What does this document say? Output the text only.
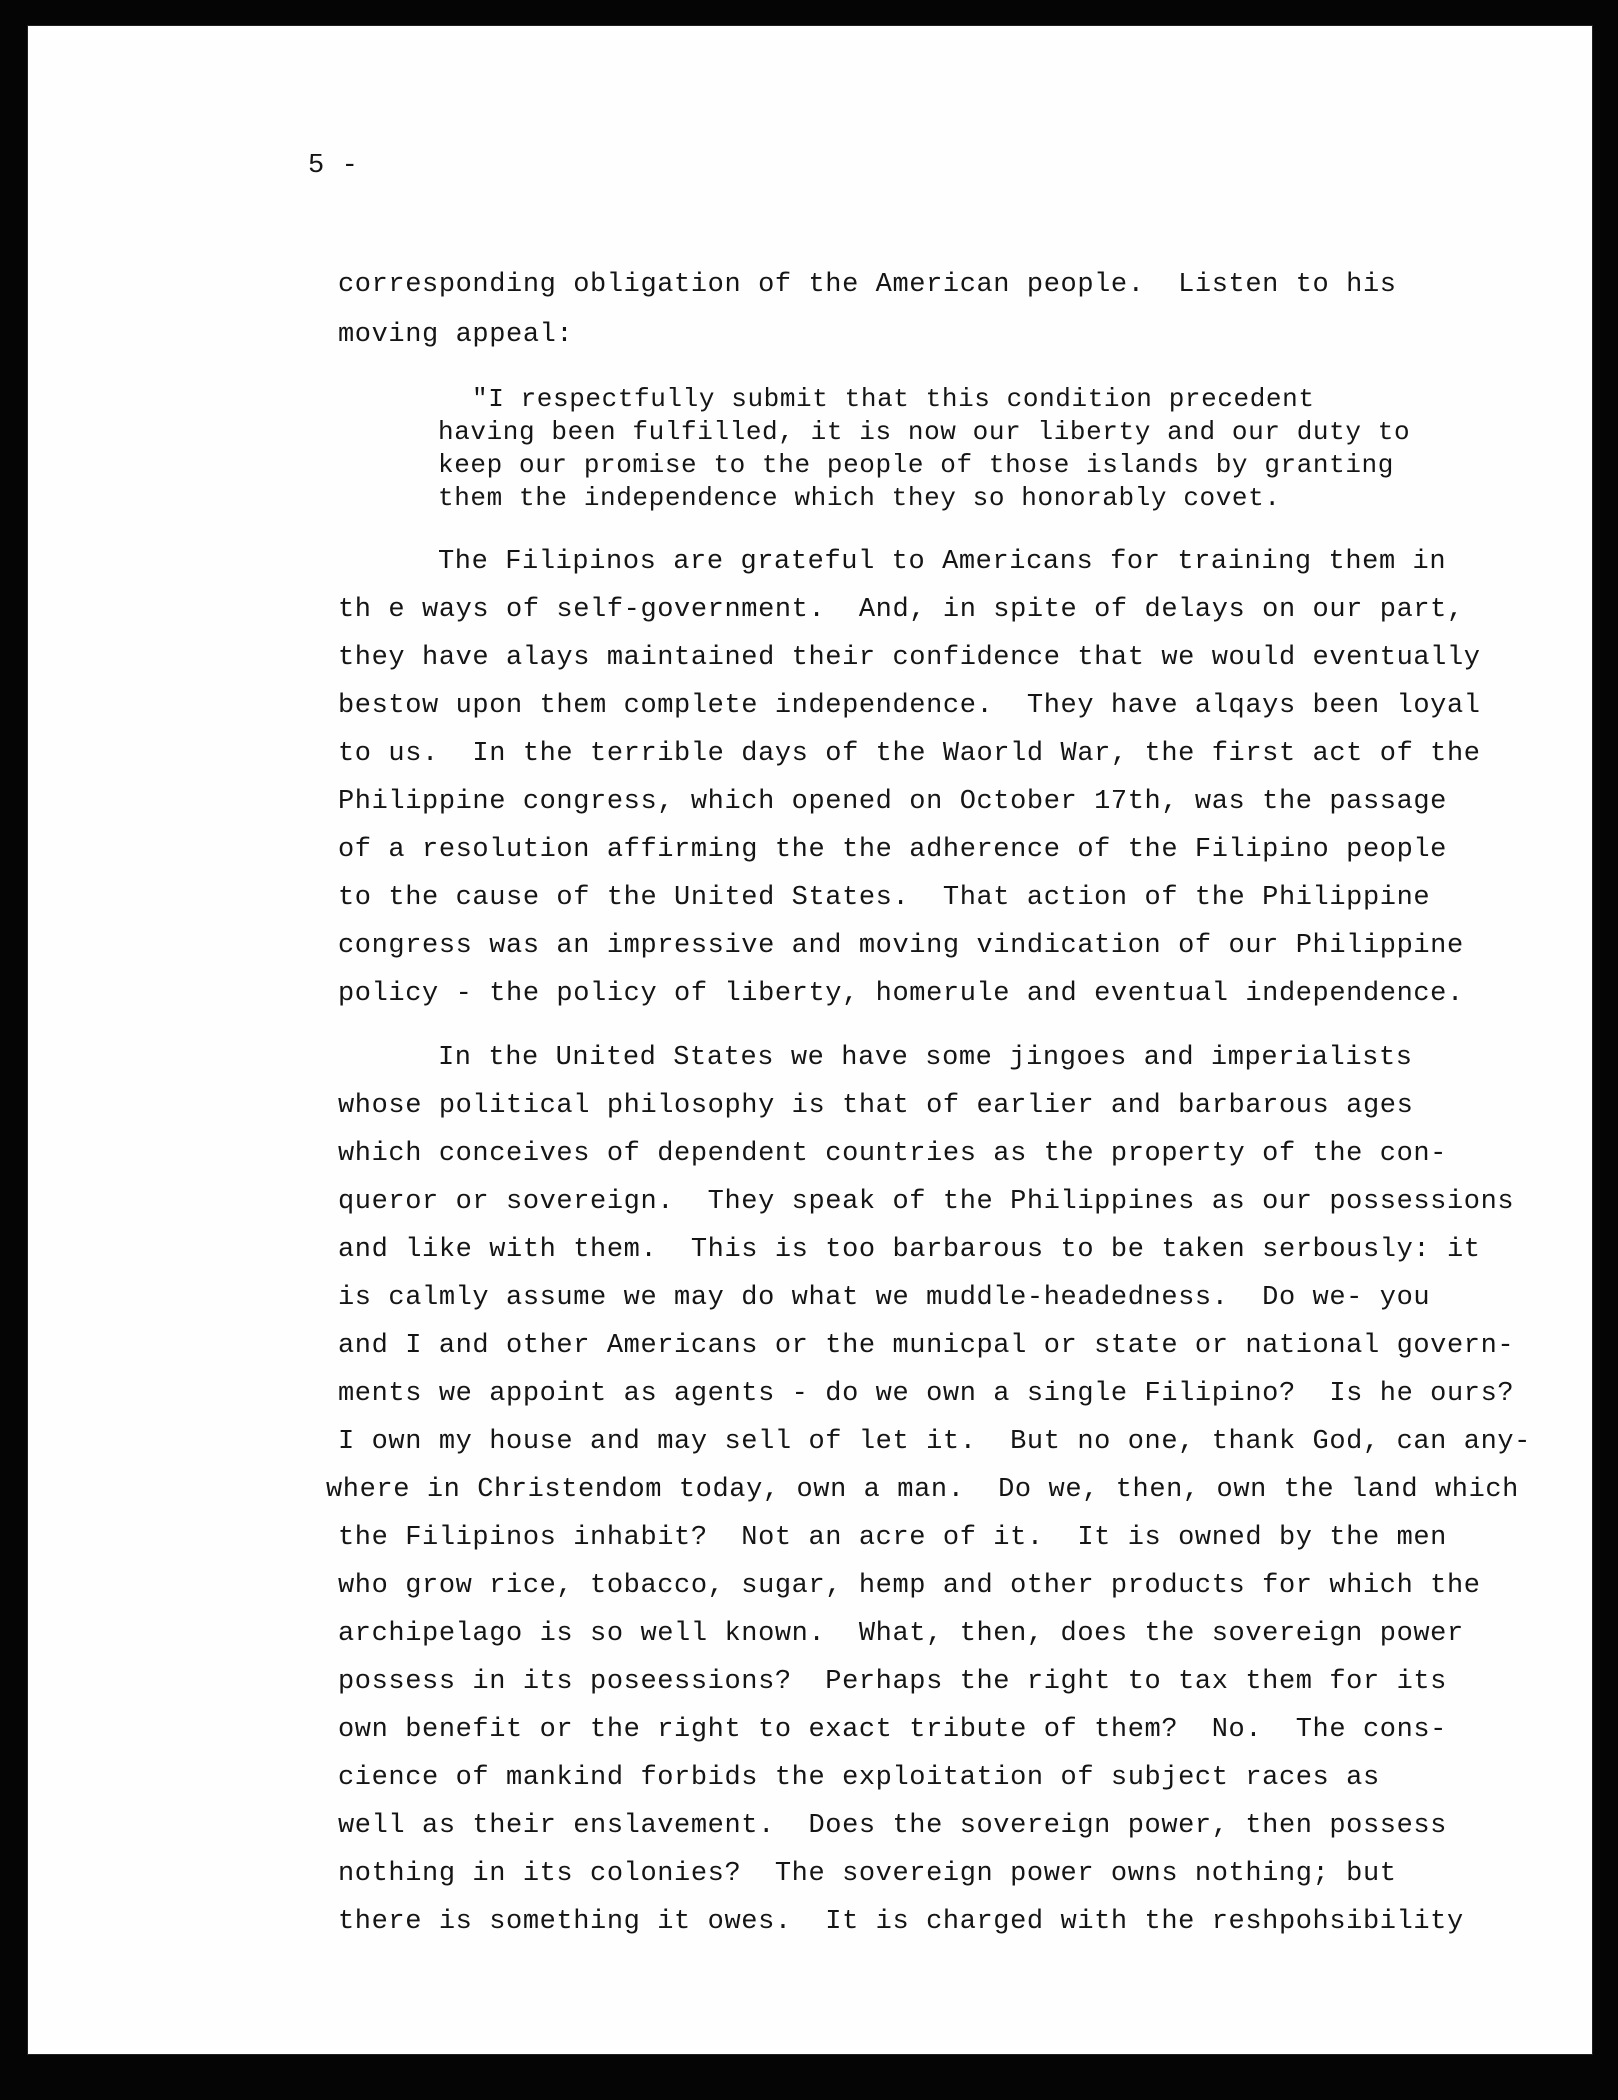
5 -

corresponding obligation of the American people.  Listen to his

moving appeal:

"I respectfully submit that this condition precedent

having been fulfilled, it is now our liberty and our duty to

keep our promise to the people of those islands by granting

them the independence which they so honorably covet.

The Filipinos are grateful to Americans for training them in

th e ways of self-government.  And, in spite of delays on our part,

they have alays maintained their confidence that we would eventually

bestow upon them complete independence.  They have alqays been loyal

to us.  In the terrible days of the Waorld War, the first act of the

Philippine congress, which opened on October 17th, was the passage

of a resolution affirming the the adherence of the Filipino people

to the cause of the United States.  That action of the Philippine

congress was an impressive and moving vindication of our Philippine

policy - the policy of liberty, homerule and eventual independence.

In the United States we have some jingoes and imperialists

whose political philosophy is that of earlier and barbarous ages

which conceives of dependent countries as the property of the con-

queror or sovereign.  They speak of the Philippines as our possessions

and like with them.  This is too barbarous to be taken serbously: it

is calmly assume we may do what we muddle-headedness.  Do we- you

and I and other Americans or the municpal or state or national govern-

ments we appoint as agents - do we own a single Filipino?  Is he ours?

I own my house and may sell of let it.  But no one, thank God, can any-

where in Christendom today, own a man.  Do we, then, own the land which

the Filipinos inhabit?  Not an acre of it.  It is owned by the men

who grow rice, tobacco, sugar, hemp and other products for which the

archipelago is so well known.  What, then, does the sovereign power

possess in its poseessions?  Perhaps the right to tax them for its

own benefit or the right to exact tribute of them?  No.  The cons-

cience of mankind forbids the exploitation of subject races as

well as their enslavement.  Does the sovereign power, then possess

nothing in its colonies?  The sovereign power owns nothing; but

there is something it owes.  It is charged with the reshpohsibility
